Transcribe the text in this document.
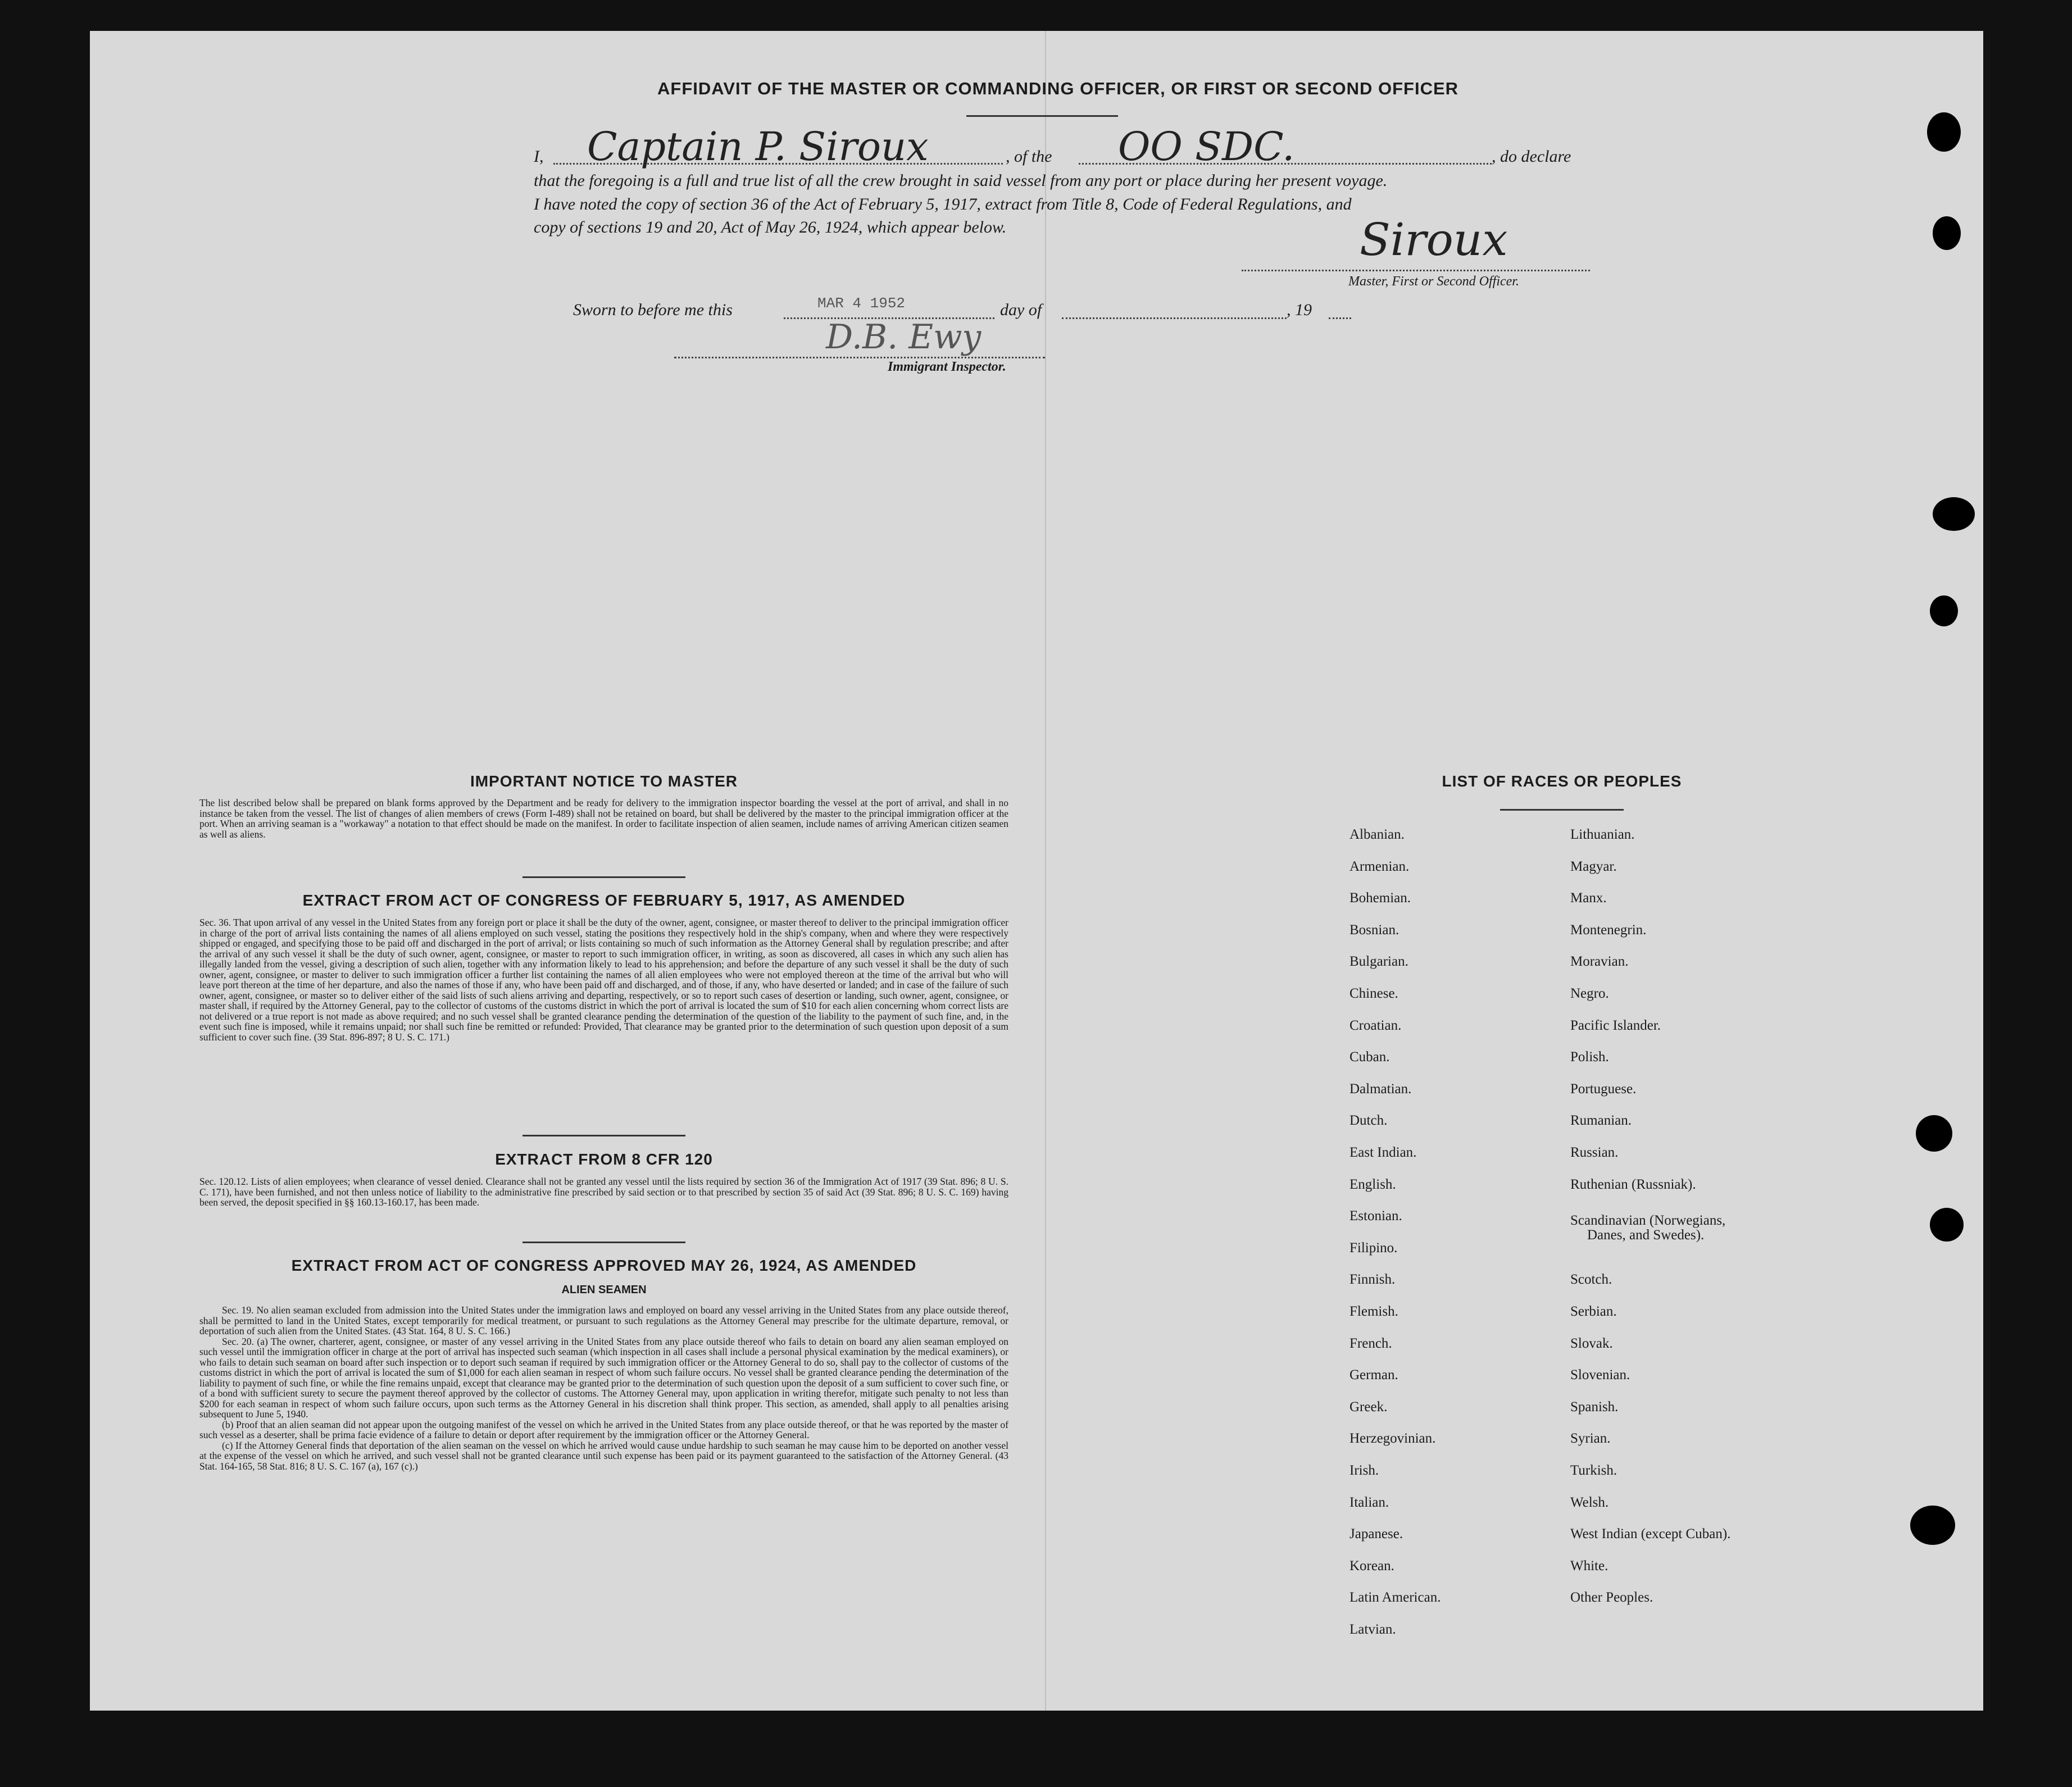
AFFIDAVIT OF THE MASTER OR COMMANDING OFFICER, OR FIRST OR SECOND OFFICER
I, Captain P. Siroux	, of the OO SDC.	, do declare
that the foregoing is a full and true list of all the crew brought in said vessel from any port or place during her present voyage.
I have noted the copy of section 36 of the Act of February 5, 1917, extract from Title 8, Code of Federal Regulations, and
copy of sections 19 and 20, Act of May 26, 1924, which appear below.	Siroux
Master, First or Second Officer.
Sworn to before me this	MAR 4 1952	day of	, 19
D.B. Ewy
Immigrant Inspector.
IMPORTANT NOTICE TO MASTER
The list described below shall be prepared on blank forms approved by the Department and be ready for delivery to the immigration inspector boarding the vessel at the port of arrival, and shall in no instance be taken from the vessel. The list of changes of alien members of crews (Form I-489) shall not be retained on board, but shall be delivered by the master to the principal immigration officer at the port. When an arriving seaman is a "workaway" a notation to that effect should be made on the manifest. In order to facilitate inspection of alien seamen, include names of arriving American citizen seamen as well as aliens.
EXTRACT FROM ACT OF CONGRESS OF FEBRUARY 5, 1917, AS AMENDED
Sec. 36. That upon arrival of any vessel in the United States from any foreign port or place it shall be the duty of the owner, agent, consignee, or master thereof to deliver to the principal immigration officer in charge of the port of arrival lists containing the names of all aliens employed on such vessel, stating the positions they respectively hold in the ship's company, when and where they were respectively shipped or engaged, and specifying those to be paid off and discharged in the port of arrival; or lists containing so much of such information as the Attorney General shall by regulation prescribe; and after the arrival of any such vessel it shall be the duty of such owner, agent, consignee, or master to report to such immigration officer, in writing, as soon as discovered, all cases in which any such alien has illegally landed from the vessel, giving a description of such alien, together with any information likely to lead to his apprehension; and before the departure of any such vessel it shall be the duty of such owner, agent, consignee, or master to deliver to such immigration officer a further list containing the names of all alien employees who were not employed thereon at the time of the arrival but who will leave port thereon at the time of her departure, and also the names of those if any, who have been paid off and discharged, and of those, if any, who have deserted or landed; and in case of the failure of such owner, agent, consignee, or master so to deliver either of the said lists of such aliens arriving and departing, respectively, or so to report such cases of desertion or landing, such owner, agent, consignee, or master shall, if required by the Attorney General, pay to the collector of customs of the customs district in which the port of arrival is located the sum of $10 for each alien concerning whom correct lists are not delivered or a true report is not made as above required; and no such vessel shall be granted clearance pending the determination of the question of the liability to the payment of such fine, and, in the event such fine is imposed, while it remains unpaid; nor shall such fine be remitted or refunded: Provided, That clearance may be granted prior to the determination of such question upon deposit of a sum sufficient to cover such fine. (39 Stat. 896-897; 8 U. S. C. 171.)
EXTRACT FROM 8 CFR 120
Sec. 120.12. Lists of alien employees; when clearance of vessel denied. Clearance shall not be granted any vessel until the lists required by section 36 of the Immigration Act of 1917 (39 Stat. 896; 8 U. S. C. 171), have been furnished, and not then unless notice of liability to the administrative fine prescribed by said section or to that prescribed by section 35 of said Act (39 Stat. 896; 8 U. S. C. 169) having been served, the deposit specified in §§ 160.13-160.17, has been made.
EXTRACT FROM ACT OF CONGRESS APPROVED MAY 26, 1924, AS AMENDED
ALIEN SEAMEN
Sec. 19. No alien seaman excluded from admission into the United States under the immigration laws and employed on board any vessel arriving in the United States from any place outside thereof, shall be permitted to land in the United States, except temporarily for medical treatment, or pursuant to such regulations as the Attorney General may prescribe for the ultimate departure, removal, or deportation of such alien from the United States. (43 Stat. 164, 8 U. S. C. 166.)
Sec. 20. (a) The owner, charterer, agent, consignee, or master of any vessel arriving in the United States from any place outside thereof who fails to detain on board any alien seaman employed on such vessel until the immigration officer in charge at the port of arrival has inspected such seaman (which inspection in all cases shall include a personal physical examination by the medical examiners), or who fails to detain such seaman on board after such inspection or to deport such seaman if required by such immigration officer or the Attorney General to do so, shall pay to the collector of customs of the customs district in which the port of arrival is located the sum of $1,000 for each alien seaman in respect of whom such failure occurs. No vessel shall be granted clearance pending the determination of the liability to payment of such fine, or while the fine remains unpaid, except that clearance may be granted prior to the determination of such question upon the deposit of a sum sufficient to cover such fine, or of a bond with sufficient surety to secure the payment thereof approved by the collector of customs. The Attorney General may, upon application in writing therefor, mitigate such penalty to not less than $200 for each seaman in respect of whom such failure occurs, upon such terms as the Attorney General in his discretion shall think proper. This section, as amended, shall apply to all penalties arising subsequent to June 5, 1940.
(b) Proof that an alien seaman did not appear upon the outgoing manifest of the vessel on which he arrived in the United States from any place outside thereof, or that he was reported by the master of such vessel as a deserter, shall be prima facie evidence of a failure to detain or deport after requirement by the immigration officer or the Attorney General.
(c) If the Attorney General finds that deportation of the alien seaman on the vessel on which he arrived would cause undue hardship to such seaman he may cause him to be deported on another vessel at the expense of the vessel on which he arrived, and such vessel shall not be granted clearance until such expense has been paid or its payment guaranteed to the satisfaction of the Attorney General. (43 Stat. 164-165, 58 Stat. 816; 8 U. S. C. 167 (a), 167 (c).)
LIST OF RACES OR PEOPLES
Albanian.
Armenian.
Bohemian.
Bosnian.
Bulgarian.
Chinese.
Croatian.
Cuban.
Dalmatian.
Dutch.
East Indian.
English.
Estonian.
Filipino.
Finnish.
Flemish.
French.
German.
Greek.
Herzegovinian.
Irish.
Italian.
Japanese.
Korean.
Latin American.
Latvian.
Lithuanian.
Magyar.
Manx.
Montenegrin.
Moravian.
Negro.
Pacific Islander.
Polish.
Portuguese.
Rumanian.
Russian.
Ruthenian (Russniak).
Scandinavian (Norwegians,
Danes, and Swedes).
Scotch.
Serbian.
Slovak.
Slovenian.
Spanish.
Syrian.
Turkish.
Welsh.
West Indian (except Cuban).
White.
Other Peoples.
